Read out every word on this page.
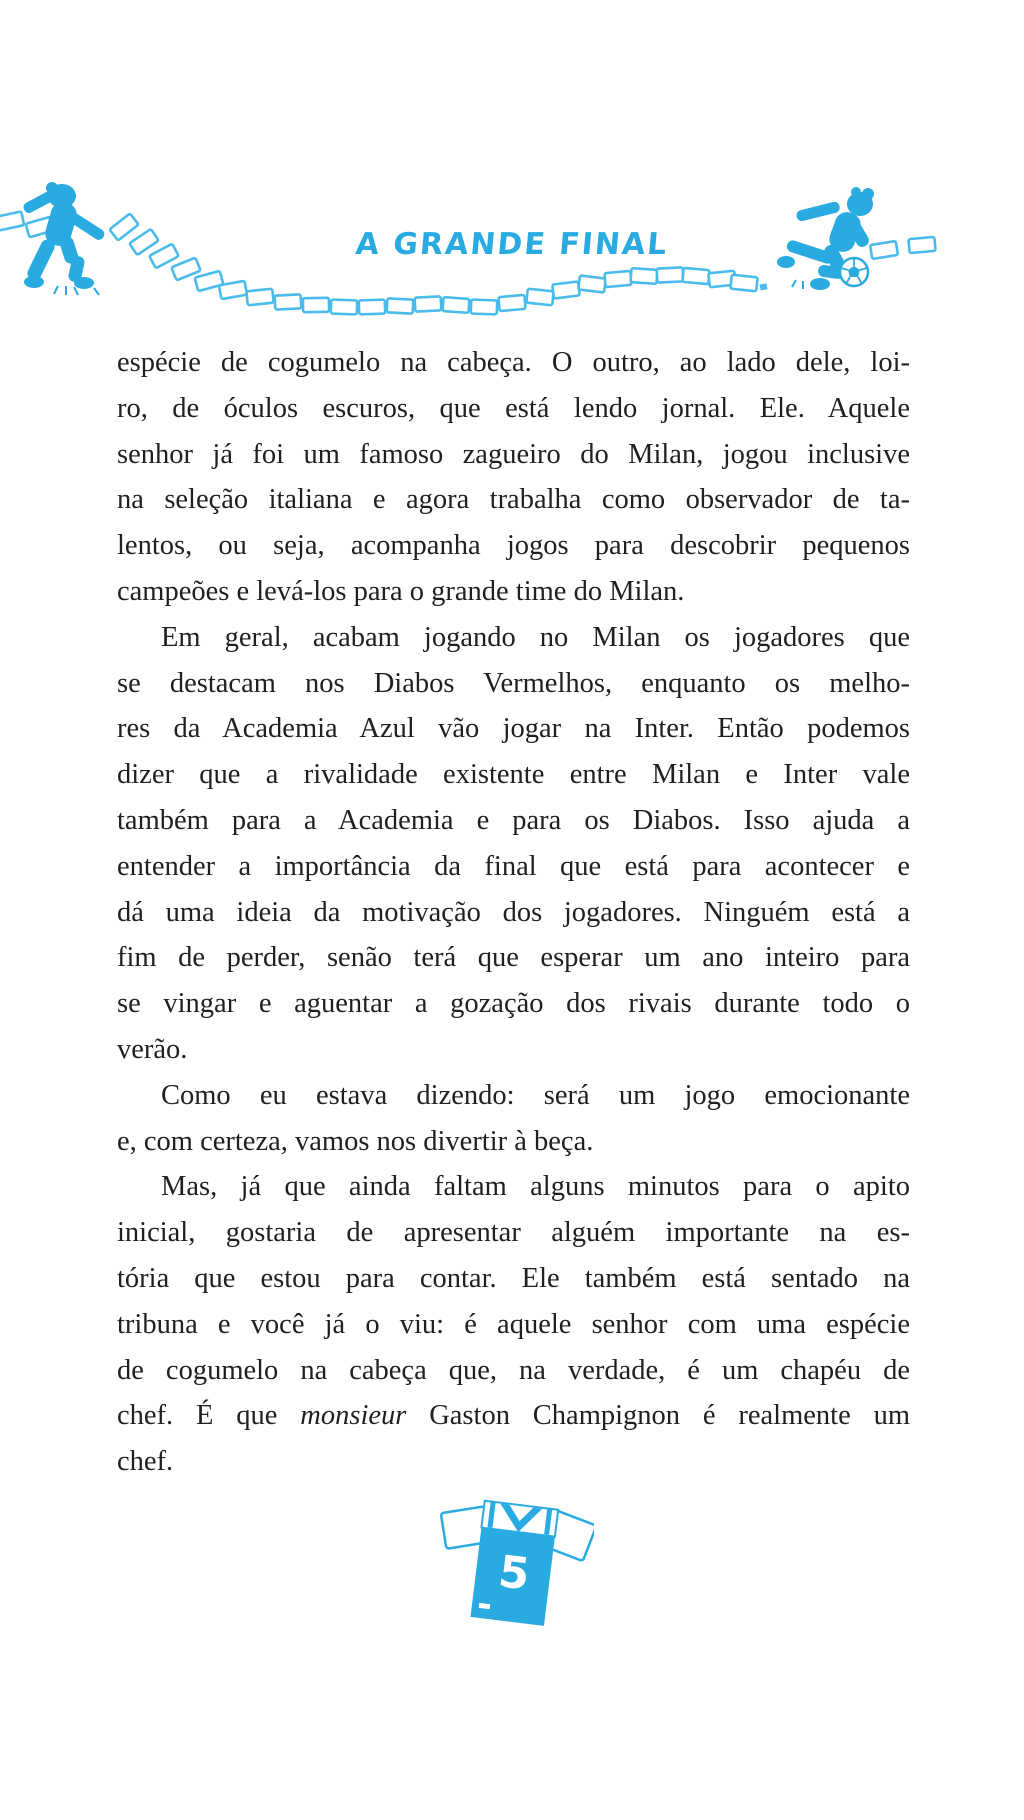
A GRANDE FINAL
espécie de cogumelo na cabeça. O outro, ao lado dele, loi-
ro, de óculos escuros, que está lendo jornal. Ele. Aquele
senhor já foi um famoso zagueiro do Milan, jogou inclusive
na seleção italiana e agora trabalha como observador de ta-
lentos, ou seja, acompanha jogos para descobrir pequenos
campeões e levá-los para o grande time do Milan.
Em geral, acabam jogando no Milan os jogadores que
se destacam nos Diabos Vermelhos, enquanto os melho-
res da Academia Azul vão jogar na Inter. Então podemos
dizer que a rivalidade existente entre Milan e Inter vale
também para a Academia e para os Diabos. Isso ajuda a
entender a importância da final que está para acontecer e
dá uma ideia da motivação dos jogadores. Ninguém está a
fim de perder, senão terá que esperar um ano inteiro para
se vingar e aguentar a gozação dos rivais durante todo o
verão.
Como eu estava dizendo: será um jogo emocionante
e, com certeza, vamos nos divertir à beça.
Mas, já que ainda faltam alguns minutos para o apito
inicial, gostaria de apresentar alguém importante na es-
tória que estou para contar. Ele também está sentado na
tribuna e você já o viu: é aquele senhor com uma espécie
de cogumelo na cabeça que, na verdade, é um chapéu de
chef. É que monsieur Gaston Champignon é realmente um
chef.
5
